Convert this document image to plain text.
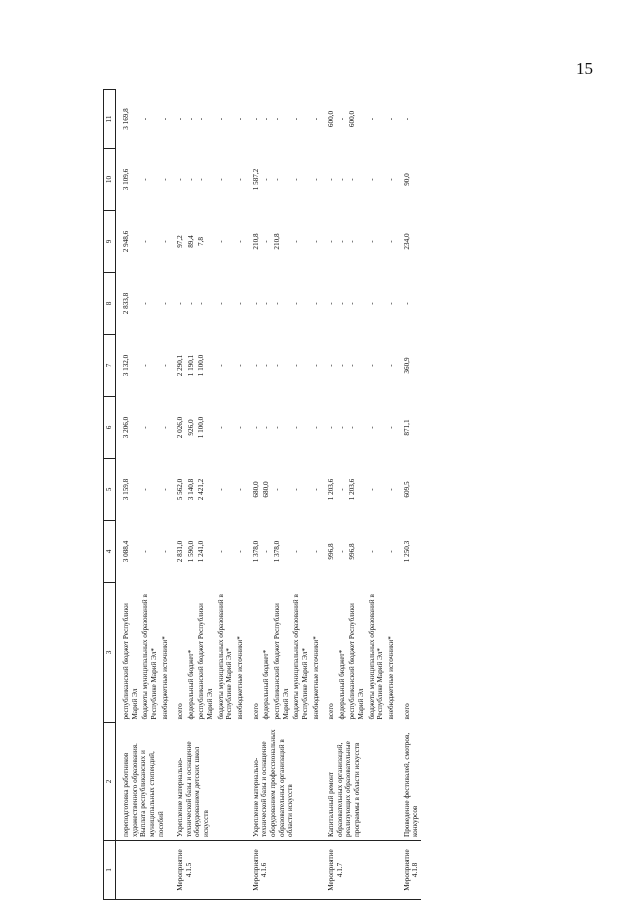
15
1	2	3	4	5	6	7	8	9	10	11
	переподготовка работников художественного образования. Выплата республиканских и муниципальных стипендий, пособий	республиканский бюджет Республики Марий Эл	3 088,4	3 159,8	3 206,0	3 132,0	2 833,8	2 948,6	3 109,6	3 169,8
		бюджеты муниципальных образований в Республике Марий Эл*	-	-	-	-	-	-	-	-
		внебюджетные источники*	-	-	-	-	-	-	-	-
Мероприятие 4.1.5	Укрепление материально-технической базы и оснащение оборудованием детских школ искусств	всего	2 831,0	5 562,0	2 026,0	2 290,1	-	97,2	-	-
		федеральный бюджет*	1 590,0	3 140,8	926,0	1 190,1	-	89,4	-	-
		республиканский бюджет Республики Марий Эл	1 241,0	2 421,2	1 100,0	1 100,0	-	7,8	-	-
		бюджеты муниципальных образований в Республике Марий Эл*	-	-	-	-	-	-	-	-
		внебюджетные источники*	-	-	-	-	-	-	-	-
Мероприятие 4.1.6	Укрепление материально-технической базы и оснащение оборудованием профессиональных образовательных организаций в области искусств	всего	1 378,0	680,0	-	-	-	210,8	1 587,2	-
		федеральный бюджет*	-	680,0	-	-	-	-	-	-
		республиканский бюджет Республики Марий Эл	1 378,0	-	-	-	-	210,8	-	-
		бюджеты муниципальных образований в Республике Марий Эл*	-	-	-	-	-	-	-	-
		внебюджетные источники*	-	-	-	-	-	-	-	-
Мероприятие 4.1.7	Капитальный ремонт образовательных организаций, реализующих образовательные программы в области искусств	всего	996,8	1 203,6	-	-	-	-	-	600,0
		федеральный бюджет*	-	-	-	-	-	-	-	-
		республиканский бюджет Республики Марий Эл	996,8	1 203,6	-	-	-	-	-	600,0
		бюджеты муниципальных образований в Республике Марий Эл*	-	-	-	-	-	-	-	-
		внебюджетные источники*	-	-	-	-	-	-	-	-
Мероприятие 4.1.8	Проведение фестивалей, смотров, конкурсов	всего	1 250,3	609,5	871,1	360,9	-	234,0	90,0	-
